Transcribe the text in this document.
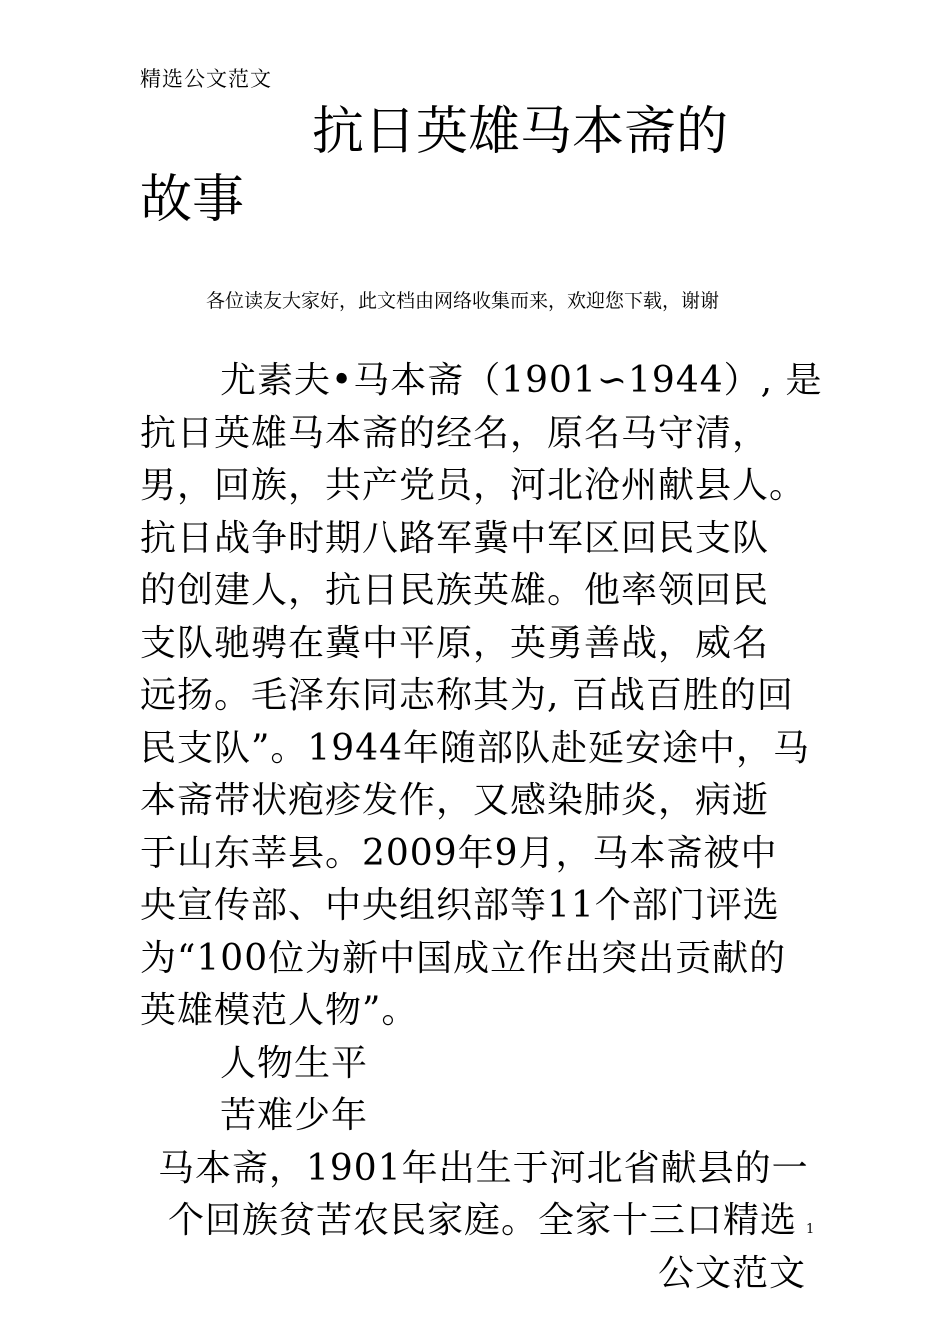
精选公文范文
抗日英雄马本斋的
故事
各位读友大家好，此文档由网络收集而来，欢迎您下载，谢谢
尤素夫•马本斋（1901∽1944）, 是
抗日英雄马本斋的经名，原名马守清，
男，回族，共产党员，河北沧州献县人。
抗日战争时期八路军冀中军区回民支队
的创建人，抗日民族英雄。他率领回民
支队驰骋在冀中平原，英勇善战，威名
远扬。毛泽东同志称其为, 百战百胜的回
民支队”。1944年随部队赴延安途中，马
本斋带状疱疹发作，又感染肺炎，病逝
于山东莘县。2009年9月，马本斋被中
央宣传部、中央组织部等11个部门评选
为“100位为新中国成立作出突出贡献的
英雄模范人物”。
人物生平
苦难少年
马本斋，1901年出生于河北省献县的一
个回族贫苦农民家庭。全家十三口精选
公文范文
1
